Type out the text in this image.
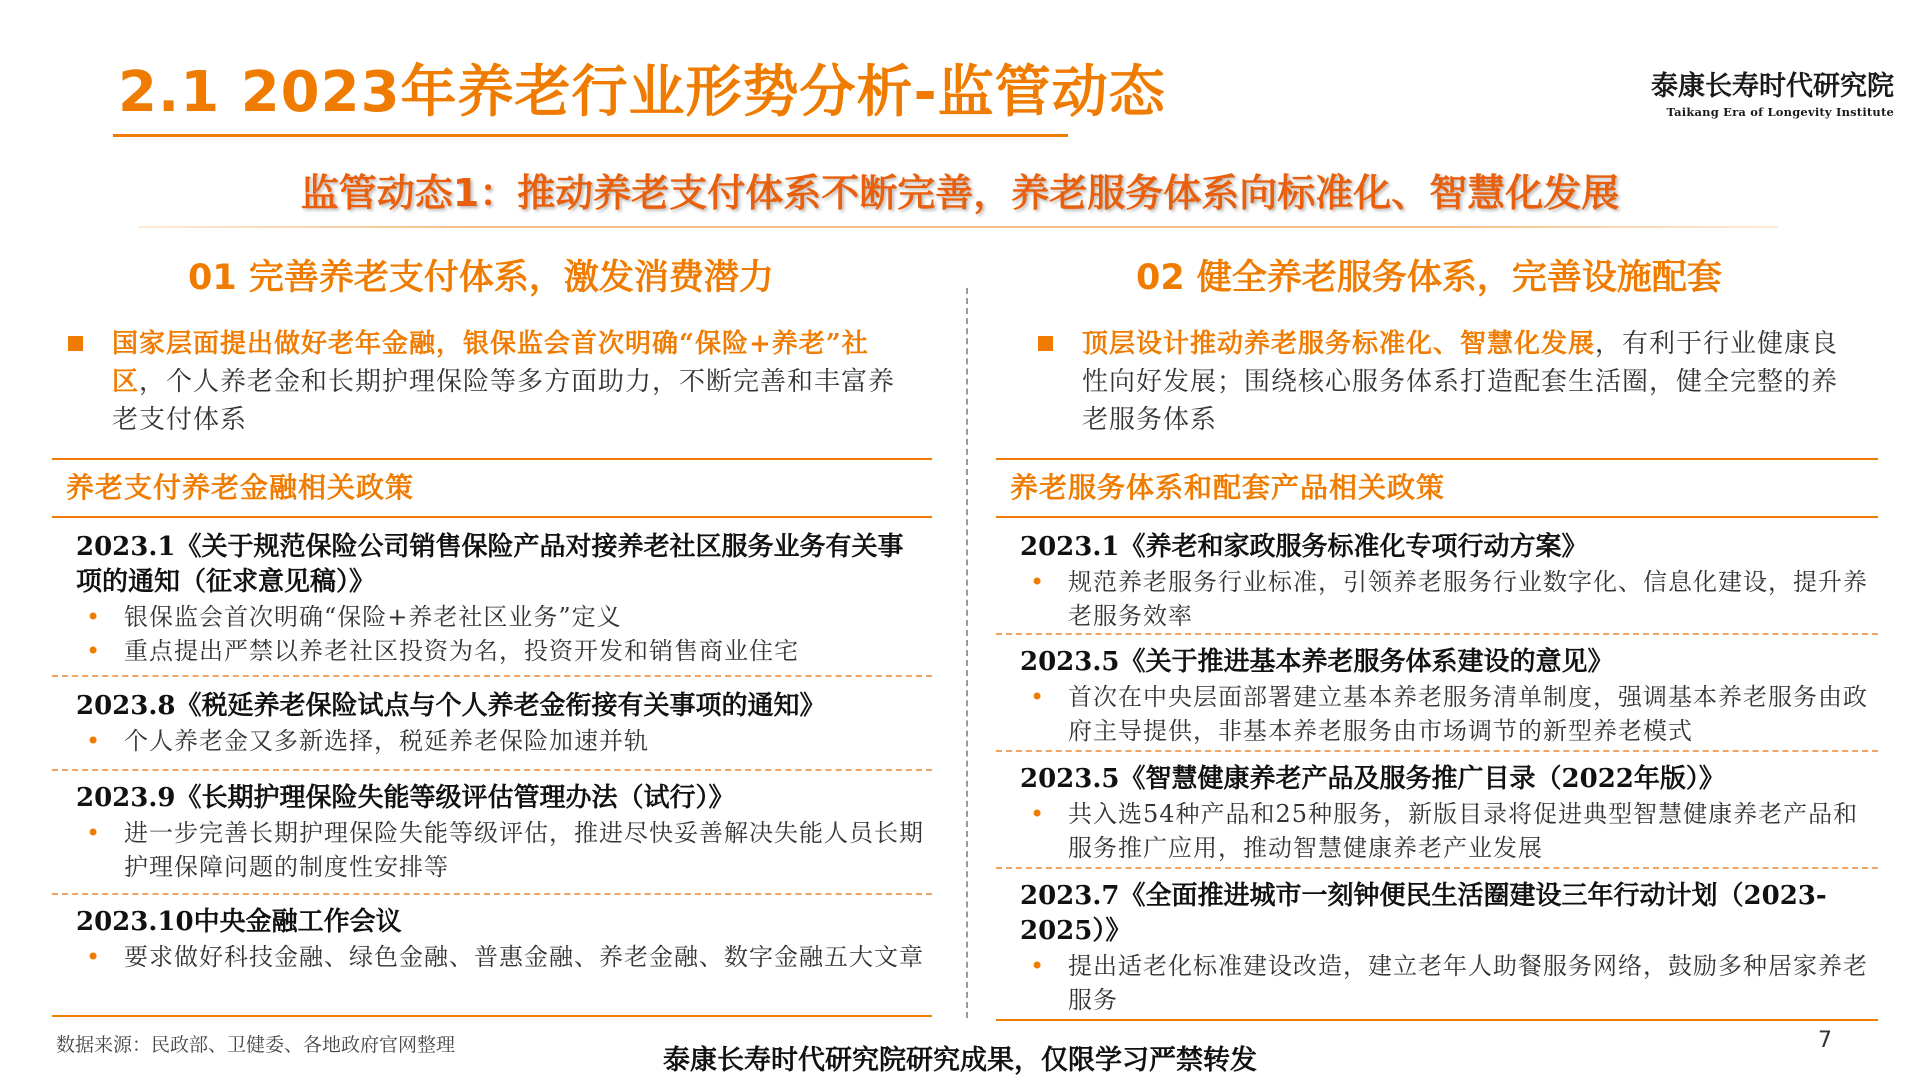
2.1 2023年养老行业形势分析-监管动态	泰康长寿时代研究院
Taikang Era of Longevity Institute
监管动态1：推动养老支付体系不断完善，养老服务体系向标准化、智慧化发展
01 完善养老支付体系，激发消费潜力
国家层面提出做好老年金融，银保监会首次明确“保险+养老”社区，个人养老金和长期护理保险等多方面助力，不断完善和丰富养老支付体系
养老支付养老金融相关政策
2023.1《关于规范保险公司销售保险产品对接养老社区服务业务有关事项的通知（征求意见稿）》
• 银保监会首次明确“保险+养老社区业务”定义
• 重点提出严禁以养老社区投资为名，投资开发和销售商业住宅
2023.8《税延养老保险试点与个人养老金衔接有关事项的通知》
• 个人养老金又多新选择，税延养老保险加速并轨
2023.9《长期护理保险失能等级评估管理办法（试行）》
• 进一步完善长期护理保险失能等级评估，推进尽快妥善解决失能人员长期护理保障问题的制度性安排等
2023.10中央金融工作会议
• 要求做好科技金融、绿色金融、普惠金融、养老金融、数字金融五大文章
02 健全养老服务体系，完善设施配套
顶层设计推动养老服务标准化、智慧化发展，有利于行业健康良性向好发展；围绕核心服务体系打造配套生活圈，健全完整的养老服务体系
养老服务体系和配套产品相关政策
2023.1《养老和家政服务标准化专项行动方案》
• 规范养老服务行业标准，引领养老服务行业数字化、信息化建设，提升养老服务效率
2023.5《关于推进基本养老服务体系建设的意见》
• 首次在中央层面部署建立基本养老服务清单制度，强调基本养老服务由政府主导提供，非基本养老服务由市场调节的新型养老模式
2023.5《智慧健康养老产品及服务推广目录（2022年版）》
• 共入选54种产品和25种服务，新版目录将促进典型智慧健康养老产品和服务推广应用，推动智慧健康养老产业发展
2023.7《全面推进城市一刻钟便民生活圈建设三年行动计划（2023-2025）》
• 提出适老化标准建设改造，建立老年人助餐服务网络，鼓励多种居家养老服务
数据来源：民政部、卫健委、各地政府官网整理	泰康长寿时代研究院研究成果，仅限学习严禁转发
7
